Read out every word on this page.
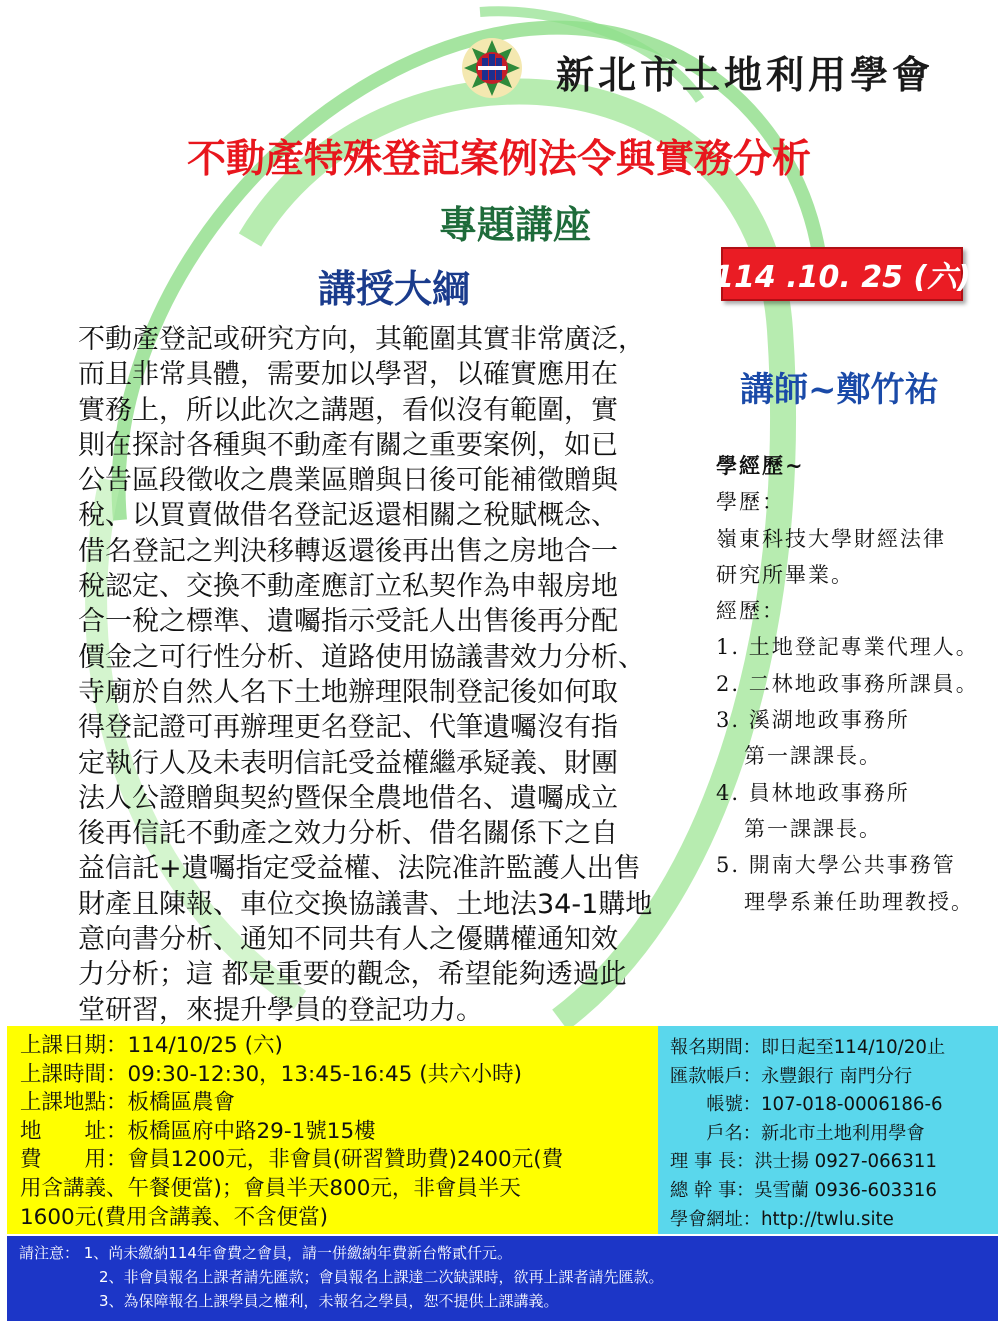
新北市土地利用學會
不動產特殊登記案例法令與實務分析
專題講座
114 .10. 25 (六)
講授大綱
不動產登記或研究方向，其範圍其實非常廣泛，
而且非常具體，需要加以學習，以確實應用在
實務上，所以此次之講題，看似沒有範圍，實
則在探討各種與不動產有關之重要案例，如已
公告區段徵收之農業區贈與日後可能補徵贈與
稅、以買賣做借名登記返還相關之稅賦概念、
借名登記之判決移轉返還後再出售之房地合一
稅認定、交換不動產應訂立私契作為申報房地
合一稅之標準、遺囑指示受託人出售後再分配
價金之可行性分析、道路使用協議書效力分析、
寺廟於自然人名下土地辦理限制登記後如何取
得登記證可再辦理更名登記、代筆遺囑沒有指
定執行人及未表明信託受益權繼承疑義、財團
法人公證贈與契約暨保全農地借名、遺囑成立
後再信託不動產之效力分析、借名關係下之自
益信託+遺囑指定受益權、法院准許監護人出售
財產且陳報、車位交換協議書、土地法34-1購地
意向書分析、通知不同共有人之優購權通知效
力分析；這 都是重要的觀念，希望能夠透過此
堂研習，來提升學員的登記功力。
講師~鄭竹祐
學經歷~
學歷：
嶺東科技大學財經法律
研究所畢業。
經歷：
1. 土地登記專業代理人。
2. 二林地政事務所課員。
3. 溪湖地政事務所
第一課課長。
4. 員林地政事務所
第一課課長。
5. 開南大學公共事務管
理學系兼任助理教授。
上課日期：114/10/25 (六)
上課時間：09:30-12:30，13:45-16:45 (共六小時)
上課地點：板橋區農會
地　　址：板橋區府中路29-1號15樓
費　　用：會員1200元，非會員(研習贊助費)2400元(費
用含講義、午餐便當)；會員半天800元，非會員半天
1600元(費用含講義、不含便當)
報名期間：即日起至114/10/20止
匯款帳戶：永豐銀行 南門分行
　　帳號：107-018-0006186-6
　　戶名：新北市土地利用學會
理 事 長：洪士揚 0927-066311
總 幹 事：吳雪蘭 0936-603316
學會網址：http://twlu.site
請注意： 1、尚未繳納114年會費之會員，請一併繳納年費新台幣貳仟元。
2、非會員報名上課者請先匯款；會員報名上課達二次缺課時，欲再上課者請先匯款。
3、為保障報名上課學員之權利，未報名之學員，恕不提供上課講義。
